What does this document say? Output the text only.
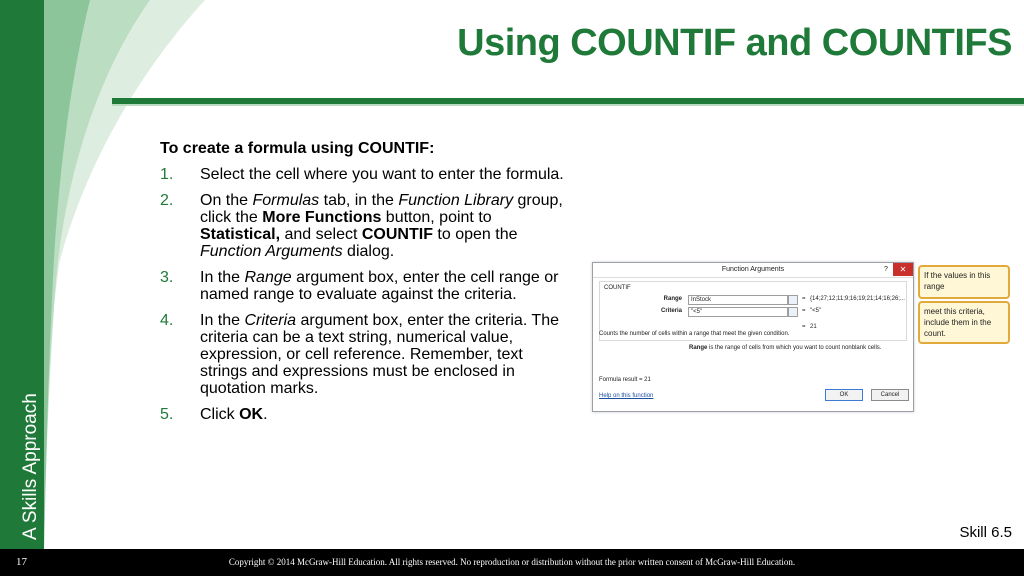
A Skills Approach
Using COUNTIF and COUNTIFS
To create a formula using COUNTIF:
1. Select the cell where you want to enter the formula.
2. On the Formulas tab, in the Function Library group, click the More Functions button, point to Statistical, and select COUNTIF to open the Function Arguments dialog.
3. In the Range argument box, enter the cell range or named range to evaluate against the criteria.
4. In the Criteria argument box, enter the criteria. The criteria can be a text string, numerical value, expression, or cell reference. Remember, text strings and expressions must be enclosed in quotation marks.
5. Click OK.
Function Arguments	?	✕
COUNTIF
Range	InStock	= {14;27;12;11;9;16;19;21;14;16;26;...
Criteria	"<5"	= "<5"
= 21
Counts the number of cells within a range that meet the given condition.
Range is the range of cells from which you want to count nonblank cells.
Formula result = 21
Help on this function	OK	Cancel
If the values in this range
meet this criteria, include them in the count.
Skill 6.5
17	Copyright © 2014 McGraw-Hill Education. All rights reserved. No reproduction or distribution without the prior written consent of McGraw-Hill Education.
